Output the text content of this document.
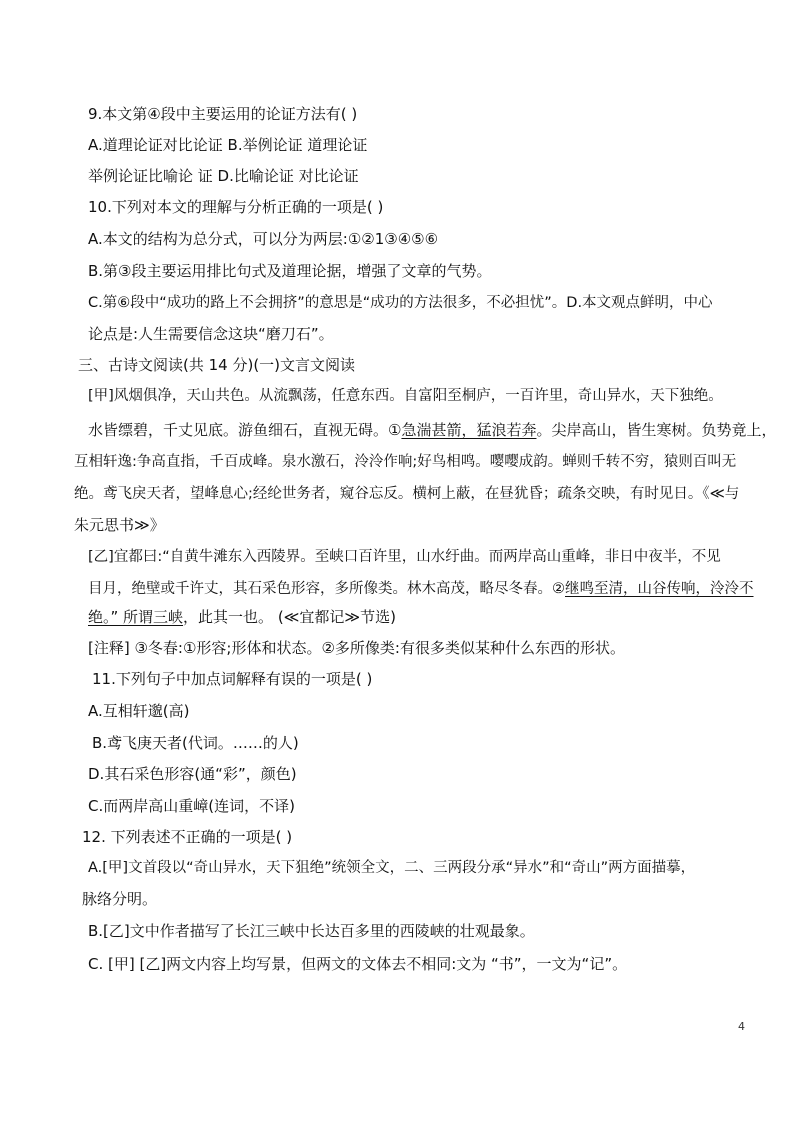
9.本文第④段中主要运用的论证方法有( )
A.道理论证对比论证 B.举例论证 道理论证
举例论证比喻论 证 D.比喻论证 对比论证
10.下列对本文的理解与分析正确的一项是( )
A.本文的结构为总分式，可以分为两层:①②1③④⑤⑥
B.第③段主要运用排比句式及道理论据，增强了文章的气势。
C.第⑥段中“成功的路上不会拥挤”的意思是“成功的方法很多，不必担忧”。D.本文观点鲜明，中心
论点是:人生需要信念这块“磨刀石”。
三、古诗文阅读(共 14 分)(一)文言文阅读
[甲]风烟俱净，天山共色。从流飘荡，任意东西。自富阳至桐庐，一百许里，奇山异水，天下独绝。
水皆缥碧，千丈见底。游鱼细石，直视无碍。①急湍甚箭，猛浪若奔。尖岸高山，皆生寒树。负势竟上，
互相轩逸:争高直指，千百成峰。泉水激石，泠泠作响;好鸟相鸣。嘤嘤成韵。蝉则千转不穷，猿则百叫无
绝。鸢飞戾天者，望峰息心;经纶世务者，窥谷忘反。横柯上蔽，在昼犹昏；疏条交映，有时见日。《≪与
朱元思书≫》
[乙]宜都曰:“自黄牛滩东入西陵界。至峡口百许里，山水纡曲。而两岸高山重峰，非日中夜半，不见
目月，绝壁或千许丈，其石采色形容，多所像类。林木高茂，略尽冬春。②继鸣至清，山谷传响，泠泠不
绝。” 所谓三峡，此其一也。 (≪宜都记≫节选)
[注释] ③冬春:①形容;形体和状态。②多所像类:有很多类似某种什么东西的形状。
11.下列句子中加点词解释有误的一项是( )
A.互相轩邈(高)
B.鸢飞庚天者(代词。……的人)
D.其石采色形容(通“彩”，颜色)
C.而两岸高山重嶂(连词，不译)
12. 下列表述不正确的一项是( )
A.[甲]文首段以“奇山异水，天下狙绝”统领全文，二、三两段分承“异水”和“奇山”两方面描摹，
脉络分明。
B.[乙]文中作者描写了长江三峡中长达百多里的西陵峡的壮观最象。
C. [甲] [乙]两文内容上均写景，但两文的文体去不相同:文为 “书”，一文为“记”。
4
